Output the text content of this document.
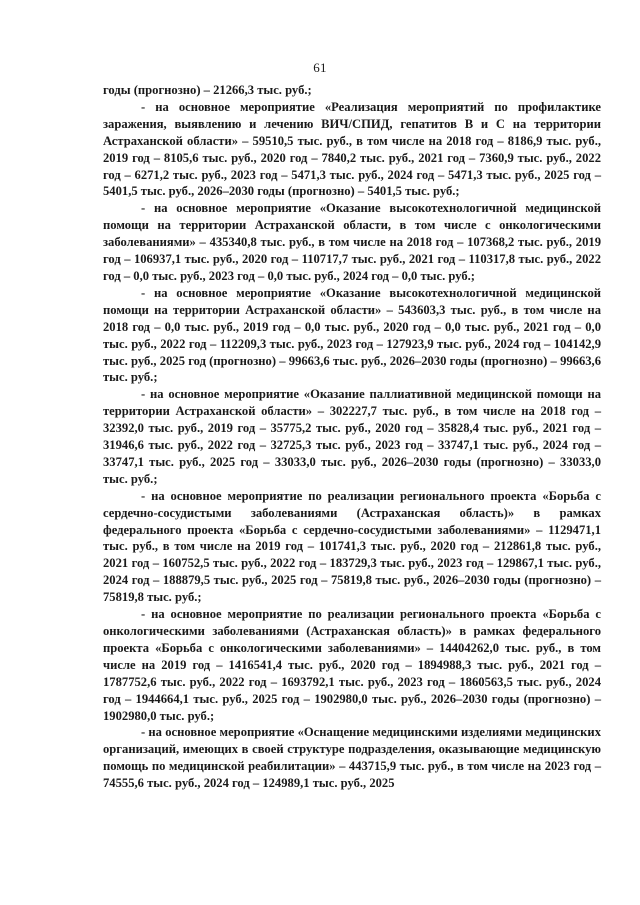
61

годы (прогнозно) – 21266,3 тыс. руб.;

- на основное мероприятие «Реализация мероприятий по профилактике заражения, выявлению и лечению ВИЧ/СПИД, гепатитов В и С на территории Астраханской области» – 59510,5 тыс. руб., в том числе на 2018 год – 8186,9 тыс. руб., 2019 год – 8105,6 тыс. руб., 2020 год – 7840,2 тыс. руб., 2021 год – 7360,9 тыс. руб., 2022 год – 6271,2 тыс. руб., 2023 год – 5471,3 тыс. руб., 2024 год – 5471,3 тыс. руб., 2025 год – 5401,5 тыс. руб., 2026–2030 годы (прогнозно) – 5401,5 тыс. руб.;

- на основное мероприятие «Оказание высокотехнологичной медицинской помощи на территории Астраханской области, в том числе с онкологическими заболеваниями» – 435340,8 тыс. руб., в том числе на 2018 год – 107368,2 тыс. руб., 2019 год – 106937,1 тыс. руб., 2020 год – 110717,7 тыс. руб., 2021 год – 110317,8 тыс. руб., 2022 год – 0,0 тыс. руб., 2023 год – 0,0 тыс. руб., 2024 год – 0,0 тыс. руб.;

- на основное мероприятие «Оказание высокотехнологичной медицинской помощи на территории Астраханской области» – 543603,3 тыс. руб., в том числе на 2018 год – 0,0 тыс. руб., 2019 год – 0,0 тыс. руб., 2020 год – 0,0 тыс. руб., 2021 год – 0,0 тыс. руб., 2022 год – 112209,3 тыс. руб., 2023 год – 127923,9 тыс. руб., 2024 год – 104142,9 тыс. руб., 2025 год (прогнозно) – 99663,6 тыс. руб., 2026–2030 годы (прогнозно) – 99663,6 тыс. руб.;

- на основное мероприятие «Оказание паллиативной медицинской помощи на территории Астраханской области» – 302227,7 тыс. руб., в том числе на 2018 год – 32392,0 тыс. руб., 2019 год – 35775,2 тыс. руб., 2020 год – 35828,4 тыс. руб., 2021 год – 31946,6 тыс. руб., 2022 год – 32725,3 тыс. руб., 2023 год – 33747,1 тыс. руб., 2024 год – 33747,1 тыс. руб., 2025 год – 33033,0 тыс. руб., 2026–2030 годы (прогнозно) – 33033,0 тыс. руб.;

- на основное мероприятие по реализации регионального проекта «Борьба с сердечно-сосудистыми заболеваниями (Астраханская область)» в рамках федерального проекта «Борьба с сердечно-сосудистыми заболеваниями» – 1129471,1 тыс. руб., в том числе на 2019 год – 101741,3 тыс. руб., 2020 год – 212861,8 тыс. руб., 2021 год – 160752,5 тыс. руб., 2022 год – 183729,3 тыс. руб., 2023 год – 129867,1 тыс. руб., 2024 год – 188879,5 тыс. руб., 2025 год – 75819,8 тыс. руб., 2026–2030 годы (прогнозно) – 75819,8 тыс. руб.;

- на основное мероприятие по реализации регионального проекта «Борьба с онкологическими заболеваниями (Астраханская область)» в рамках федерального проекта «Борьба с онкологическими заболеваниями» – 14404262,0 тыс. руб., в том числе на 2019 год – 1416541,4 тыс. руб., 2020 год – 1894988,3 тыс. руб., 2021 год – 1787752,6 тыс. руб., 2022 год – 1693792,1 тыс. руб., 2023 год – 1860563,5 тыс. руб., 2024 год – 1944664,1 тыс. руб., 2025 год – 1902980,0 тыс. руб., 2026–2030 годы (прогнозно) – 1902980,0 тыс. руб.;

- на основное мероприятие «Оснащение медицинскими изделиями медицинских организаций, имеющих в своей структуре подразделения, оказывающие медицинскую помощь по медицинской реабилитации» – 443715,9 тыс. руб., в том числе на 2023 год – 74555,6 тыс. руб., 2024 год – 124989,1 тыс. руб., 2025
